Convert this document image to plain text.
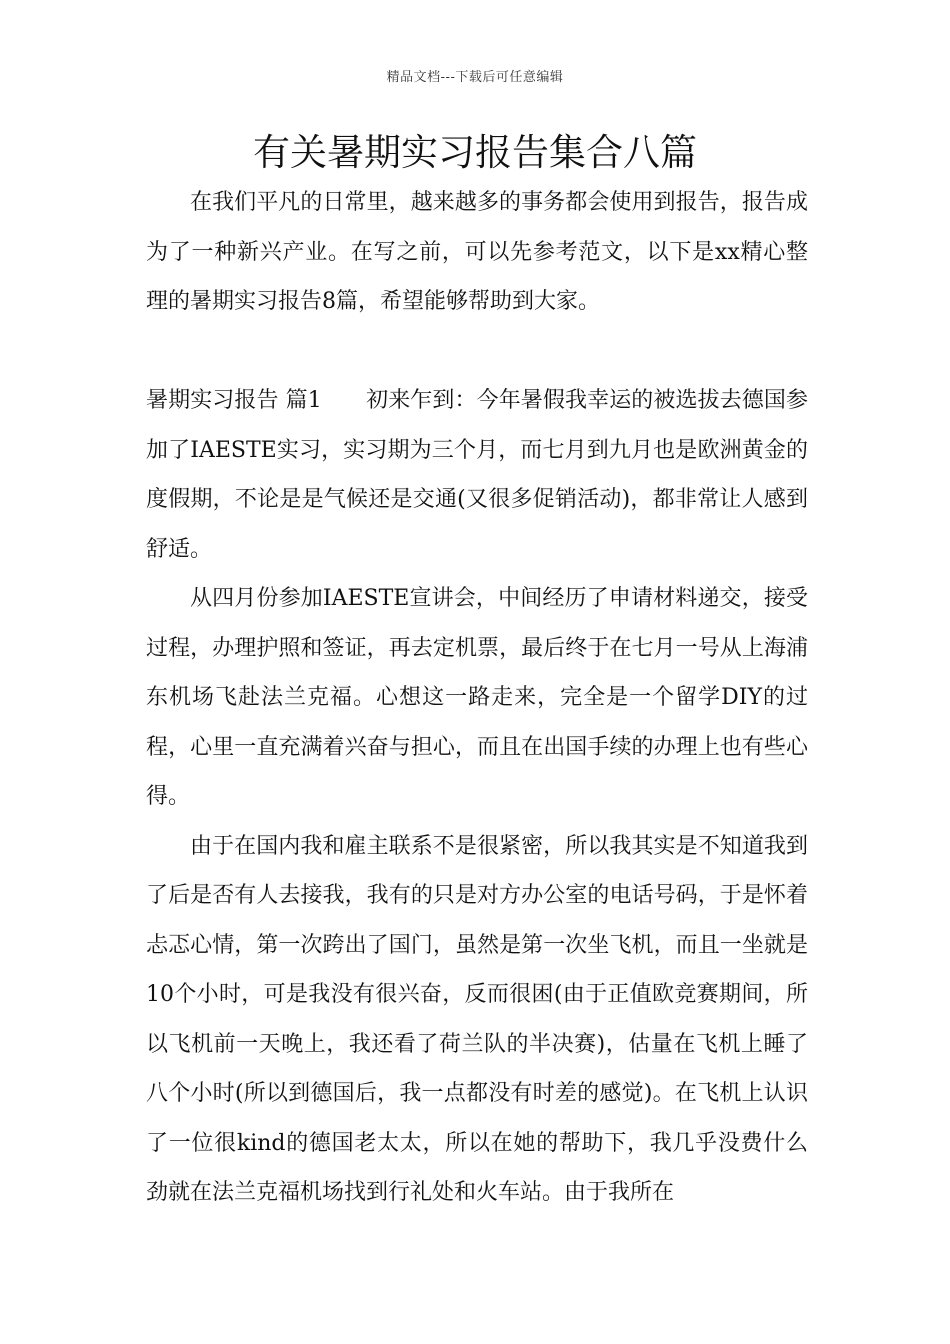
精品文档---下载后可任意编辑
有关暑期实习报告集合八篇

在我们平凡的日常里，越来越多的事务都会使用到报告，报告成为了一种新兴产业。在写之前，可以先参考范文，以下是xx精心整理的暑期实习报告8篇，希望能够帮助到大家。

暑期实习报告 篇1　　 初来乍到：今年暑假我幸运的被选拔去德国参加了IAESTE实习，实习期为三个月，而七月到九月也是欧洲黄金的度假期，不论是是气候还是交通(又很多促销活动)，都非常让人感到舒适。

从四月份参加IAESTE宣讲会，中间经历了申请材料递交，接受过程，办理护照和签证，再去定机票，最后终于在七月一号从上海浦东机场飞赴法兰克福。心想这一路走来，完全是一个留学DIY的过程，心里一直充满着兴奋与担心，而且在出国手续的办理上也有些心得。

由于在国内我和雇主联系不是很紧密，所以我其实是不知道我到了后是否有人去接我，我有的只是对方办公室的电话号码，于是怀着忐忑心情，第一次跨出了国门，虽然是第一次坐飞机，而且一坐就是10个小时，可是我没有很兴奋，反而很困(由于正值欧竞赛期间，所以飞机前一天晚上，我还看了荷兰队的半决赛)，估量在飞机上睡了八个小时(所以到德国后，我一点都没有时差的感觉)。在飞机上认识了一位很kind的德国老太太，所以在她的帮助下，我几乎没费什么劲就在法兰克福机场找到行礼处和火车站。由于我所在
